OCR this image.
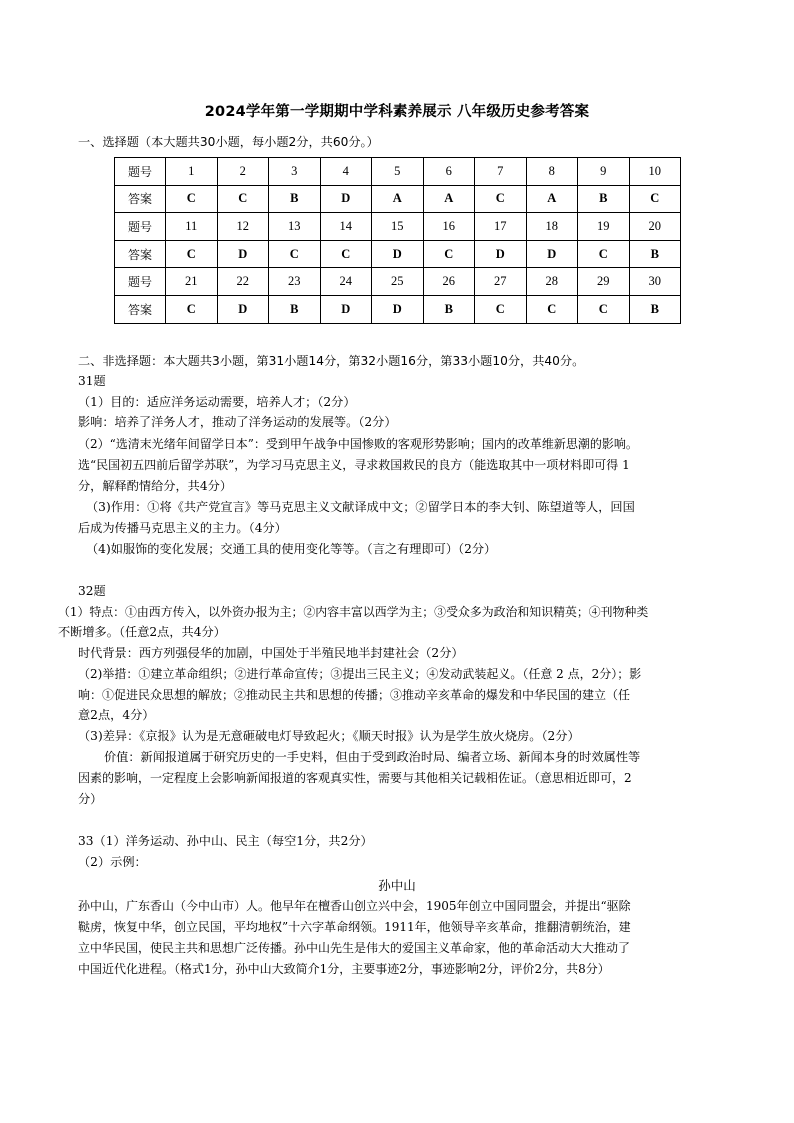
2024学年第一学期期中学科素养展示 八年级历史参考答案
一、选择题（本大题共30小题，每小题2分，共60分。）
题号	1	2	3	4	5	6	7	8	9	10
答案	C	C	B	D	A	A	C	A	B	C
题号	11	12	13	14	15	16	17	18	19	20
答案	C	D	C	C	D	C	D	D	C	B
题号	21	22	23	24	25	26	27	28	29	30
答案	C	D	B	D	D	B	C	C	C	B
二、非选择题：本大题共3小题，第31小题14分，第32小题16分，第33小题10分，共40分。
31题
（1）目的：适应洋务运动需要，培养人才；（2分）
影响：培养了洋务人才，推动了洋务运动的发展等。（2分）
（2）“选清末光绪年间留学日本”：受到甲午战争中国惨败的客观形势影响；国内的改革维新思潮的影响。
选“民国初五四前后留学苏联”，为学习马克思主义，寻求救国救民的良方（能选取其中一项材料即可得 1
分，解释酌情给分，共4分）
（3)作用：①将《共产党宣言》等马克思主义文献译成中文；②留学日本的李大钊、陈望道等人，回国
后成为传播马克思主义的主力。（4分）
（4)如服饰的变化发展；交通工具的使用变化等等。（言之有理即可）（2分）
32题
（1）特点：①由西方传入，以外资办报为主；②内容丰富以西学为主；③受众多为政治和知识精英；④刊物种类
不断增多。（任意2点，共4分）
时代背景：西方列强侵华的加剧，中国处于半殖民地半封建社会（2分）
（2)举措：①建立革命组织；②进行革命宣传；③提出三民主义；④发动武装起义。（任意 2 点，2分）；影
响：①促进民众思想的解放；②推动民主共和思想的传播；③推动辛亥革命的爆发和中华民国的建立（任
意2点，4分）
（3)差异：《京报》认为是无意砸破电灯导致起火；《顺天时报》认为是学生放火烧房。（2分）
价值：新闻报道属于研究历史的一手史料，但由于受到政治时局、编者立场、新闻本身的时效属性等
因素的影响，一定程度上会影响新闻报道的客观真实性，需要与其他相关记载相佐证。（意思相近即可，2
分）
33（1）洋务运动、孙中山、民主（每空1分，共2分）
（2）示例：
孙中山
孙中山，广东香山（今中山市）人。他早年在檀香山创立兴中会，1905年创立中国同盟会，并提出“驱除
鞑虏，恢复中华，创立民国，平均地权”十六字革命纲领。1911年，他领导辛亥革命，推翻清朝统治，建
立中华民国，使民主共和思想广泛传播。孙中山先生是伟大的爱国主义革命家，他的革命活动大大推动了
中国近代化进程。（格式1分，孙中山大致简介1分，主要事迹2分，事迹影响2分，评价2分，共8分）
